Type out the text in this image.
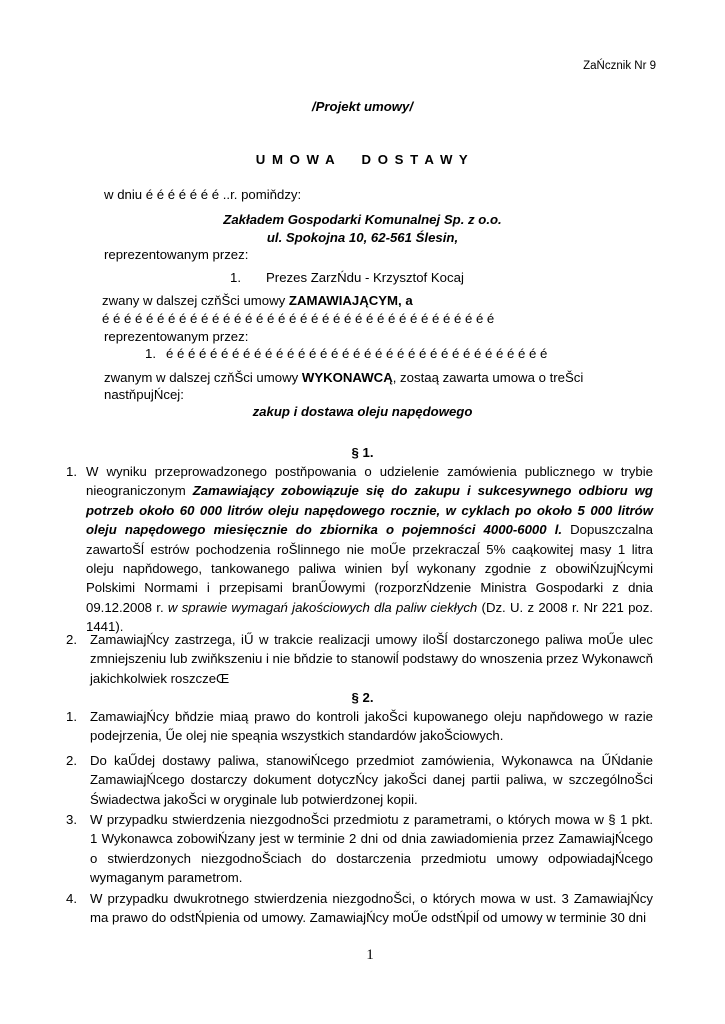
ZaŃcznik Nr 9
/Projekt umowy/
U M O W A     D O S T A W Y
w dniu é é é é é é é ..r. pomiňdzy:
Zakładem Gospodarki Komunalnej Sp. z o.o.
ul. Spokojna 10, 62-561 Ślesin,
reprezentowanym przez:
1. Prezes ZarzŃdu - Krzysztof Kocaj
zwany w dalszej czňŠci umowy ZAMAWIAJĄCYM, a
é é é é é é é é é é é é é é é é é é é é é é é é é é é é é é é é é é é é
reprezentowanym przez:
1. é é é é é é é é é é é é é é é é é é é é é é é é é é é é é é é é é é é
zwanym w dalszej czňŠci umowy WYKONAWCĄ, zostaą zawarta umowa o treŠci
nastňpujŃcej:
zakup i dostawa oleju napędowego
§ 1.
1. W wyniku przeprowadzonego postňpowania o udzielenie zamówienia publicznego w trybie nieograniczonym Zamawiający zobowiązuje się do zakupu i sukcesywnego odbioru wg potrzeb około 60 000 litrów oleju napędowego rocznie, w cyklach po około 5 000 litrów oleju napędowego miesięcznie do zbiornika o pojemności 4000-6000 l. Dopuszczalna zawartoŠĺ estrów pochodzenia roŠlinnego nie moŰe przekraczaĺ 5% caąkowitej masy 1 litra oleju napňdowego, tankowanego paliwa winien byĺ wykonany zgodnie z obowiŃzujŃcymi Polskimi Normami i przepisami branŰowymi (rozporzŃdzenie Ministra Gospodarki z dnia 09.12.2008 r. w sprawie wymagań jakościowych dla paliw ciekłych (Dz. U. z 2008 r. Nr 221 poz. 1441).
2. ZamawiajŃcy zastrzega, iŰ w trakcie realizacji umowy iloŠĺ dostarczonego paliwa moŰe ulec zmniejszeniu lub zwiňkszeniu i nie bňdzie to stanowiĺ podstawy do wnoszenia przez Wykonawcň jakichkolwiek roszczeŒ
§ 2.
1. ZamawiajŃcy bňdzie miaą prawo do kontroli jakoŠci kupowanego oleju napňdowego w razie podejrzenia, Űe olej nie speąnia wszystkich standardów jakoŠciowych.
2. Do kaŰdej dostawy paliwa, stanowiŃcego przedmiot zamówienia, Wykonawca na ŰŃdanie ZamawiajŃcego dostarczy dokument dotyczŃcy jakoŠci danej partii paliwa, w szczególnoŠci Świadectwa jakoŠci w oryginale lub potwierdzonej kopii.
3. W przypadku stwierdzenia niezgodnoŠci przedmiotu z parametrami, o których mowa w § 1 pkt. 1 Wykonawca zobowiŃzany jest w terminie 2 dni od dnia zawiadomienia przez ZamawiajŃcego o stwierdzonych niezgodnoŠciach do dostarczenia przedmiotu umowy odpowiadajŃcego wymaganym parametrom.
4. W przypadku dwukrotnego stwierdzenia niezgodnoŠci, o których mowa w ust. 3 ZamawiajŃcy ma prawo do odstŃpienia od umowy. ZamawiajŃcy moŰe odstŃpiĺ od umowy w terminie 30 dni
1
